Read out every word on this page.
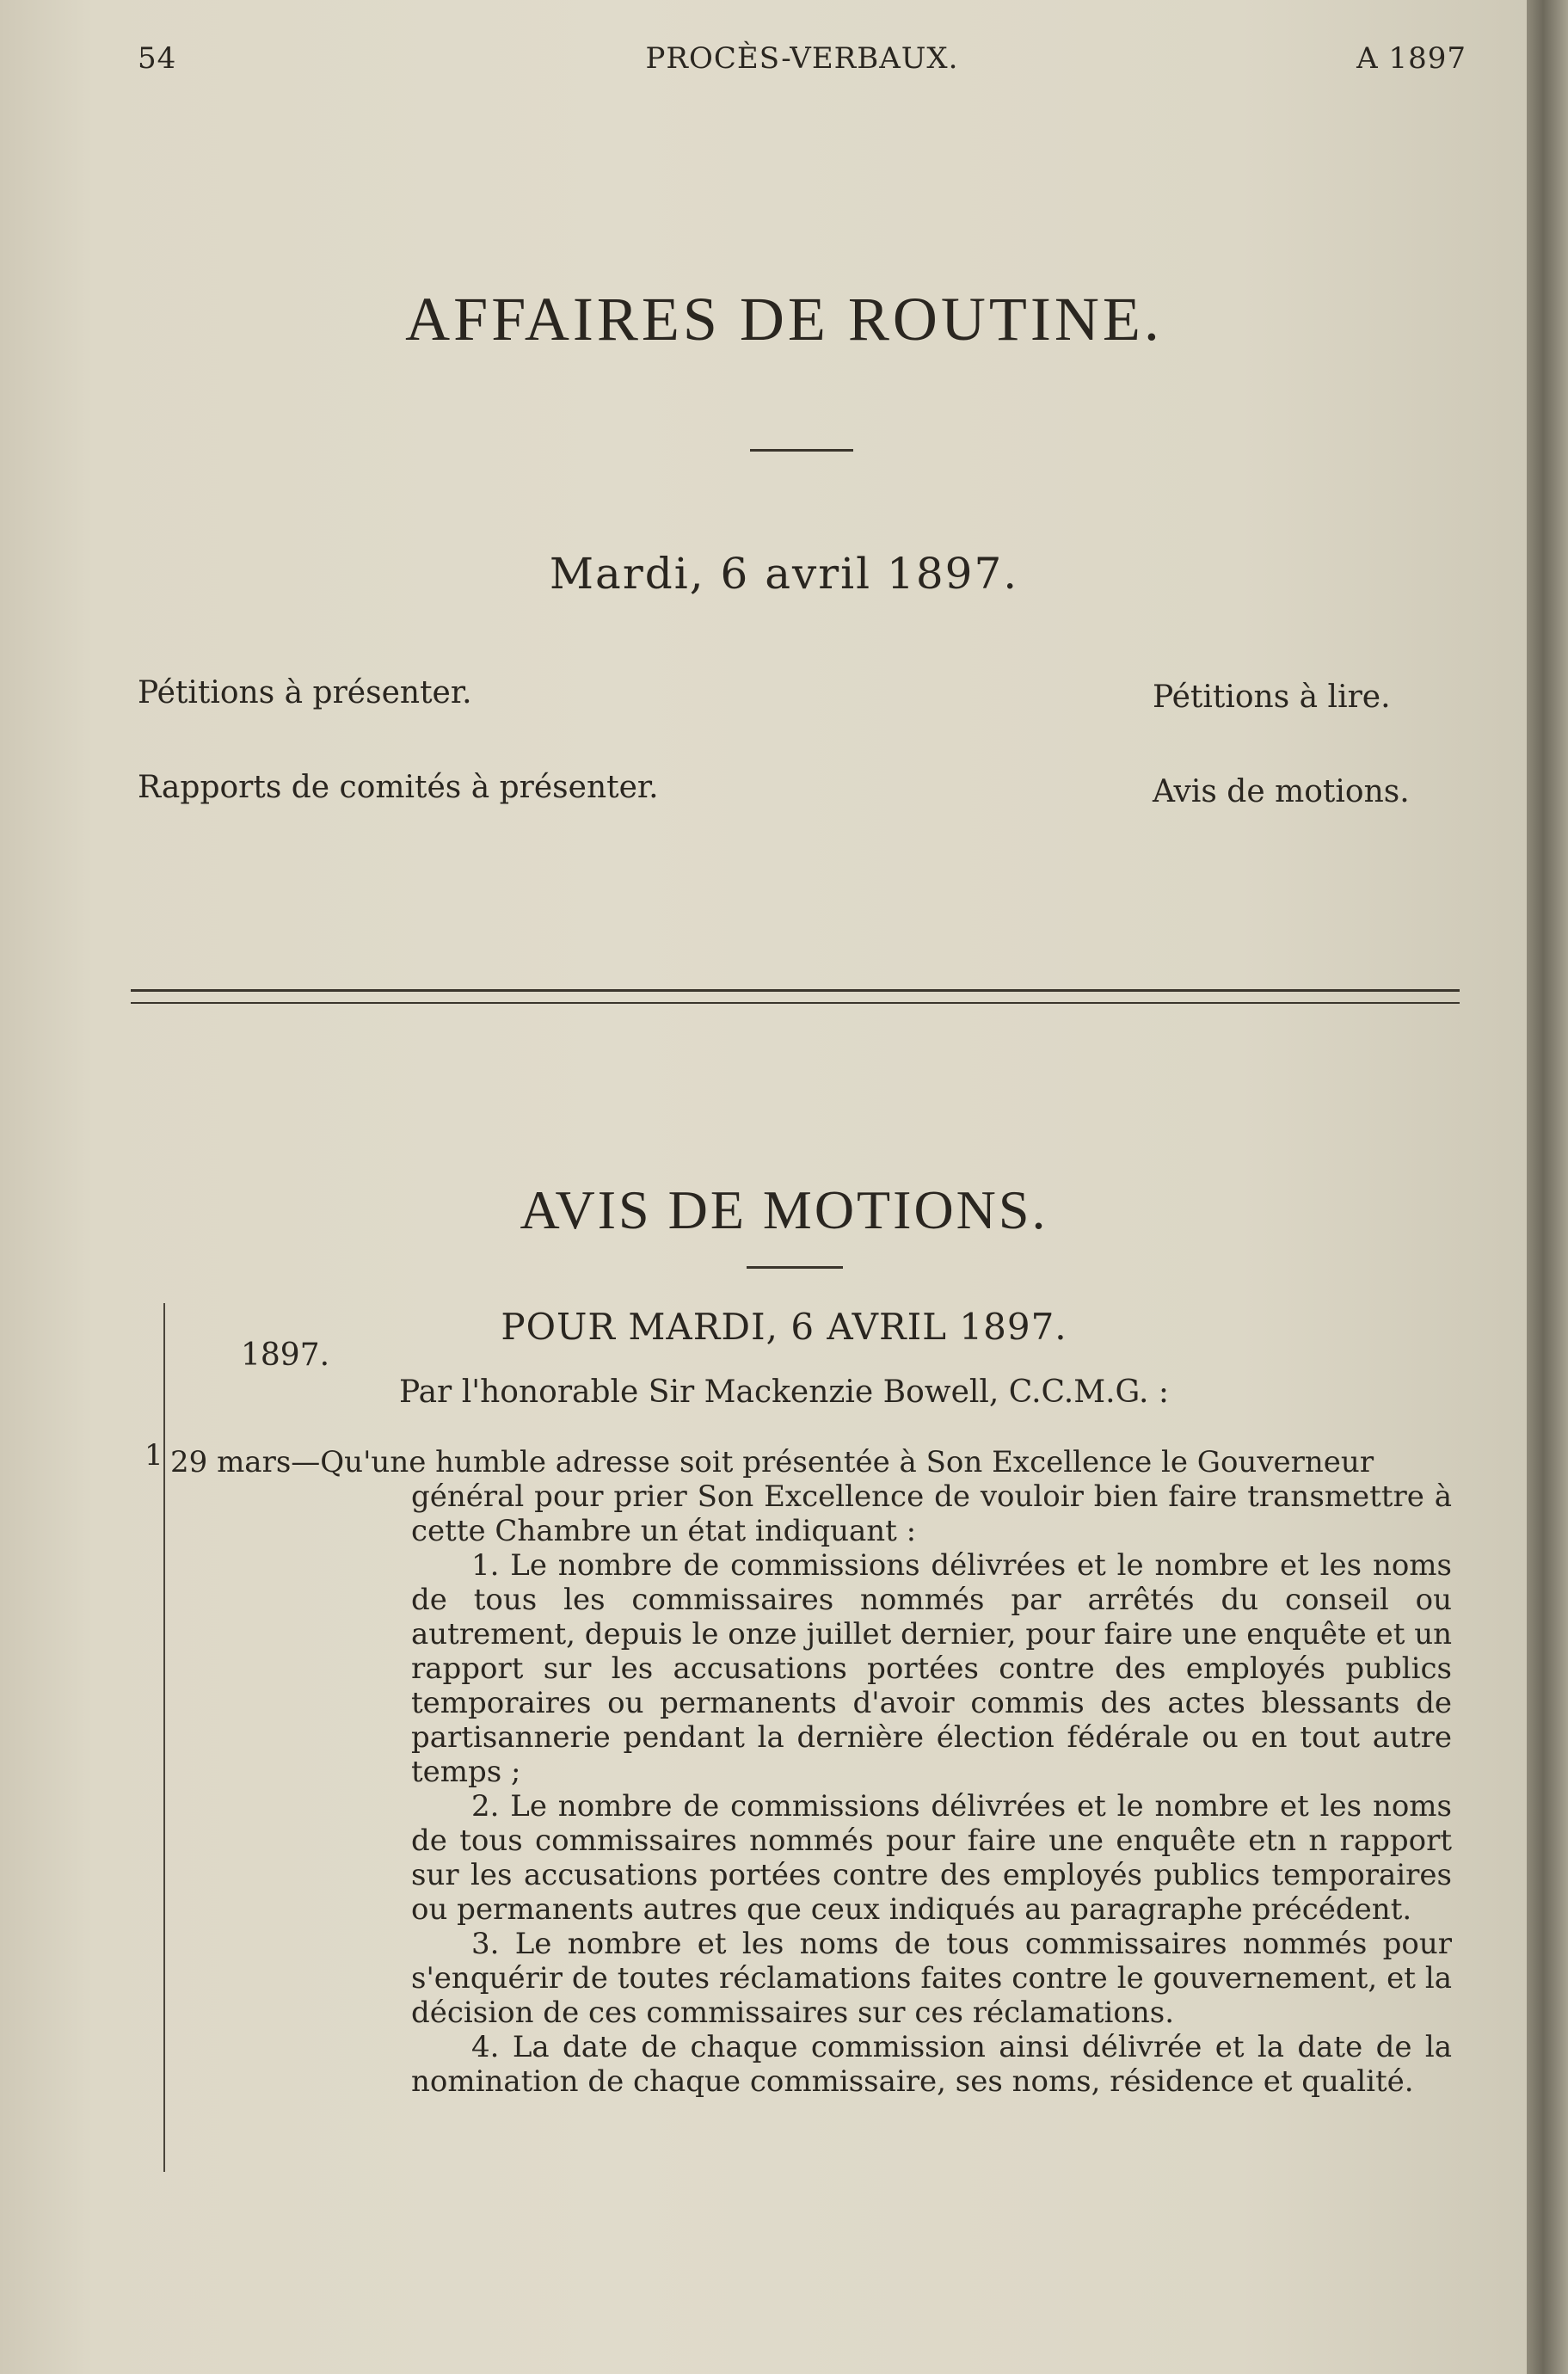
54	PROCÈS-VERBAUX.	A 1897
AFFAIRES DE ROUTINE.
Mardi, 6 avril 1897.
Pétitions à présenter.
Rapports de comités à présenter.
Pétitions à lire.
Avis de motions.
AVIS DE MOTIONS.
POUR MARDI, 6 AVRIL 1897.
1897.
Par l'honorable Sir Mackenzie Bowell, C.C.M.G. :
1 29 mars—Qu'une humble adresse soit présentée à Son Excellence le Gouverneur

général pour prier Son Excellence de vouloir bien faire transmettre à cette Chambre un état indiquant :

1. Le nombre de commissions délivrées et le nombre et les noms de tous les commissaires nommés par arrêtés du conseil ou autrement, depuis le onze juillet dernier, pour faire une enquête et un rapport sur les accusations portées contre des employés publics temporaires ou permanents d'avoir commis des actes blessants de partisannerie pendant la dernière élection fédérale ou en tout autre temps ;

2. Le nombre de commissions délivrées et le nombre et les noms de tous commissaires nommés pour faire une enquête etn n rapport sur les accusations portées contre des employés publics temporaires ou permanents autres que ceux indiqués au paragraphe précédent.

3. Le nombre et les noms de tous commissaires nommés pour s'enquérir de toutes réclamations faites contre le gouvernement, et la décision de ces commissaires sur ces réclamations.

4. La date de chaque commission ainsi délivrée et la date de la nomination de chaque commissaire, ses noms, résidence et qualité.
